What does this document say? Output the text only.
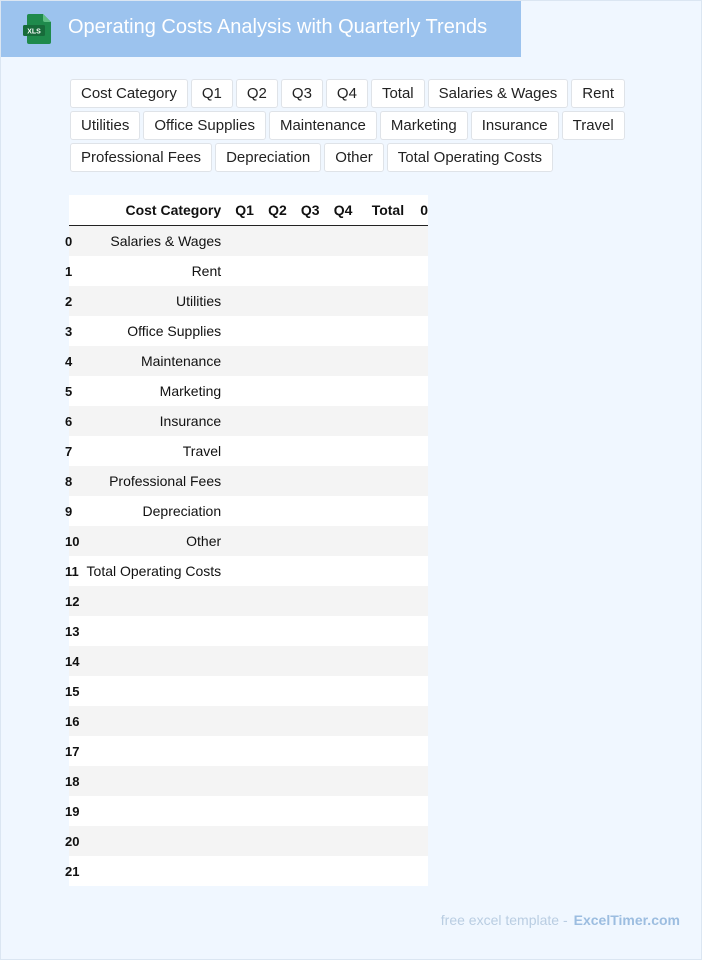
XLS Operating Costs Analysis with Quarterly Trends
Cost Category	Q1	Q2	Q3	Q4	Total	Salaries & Wages	Rent
Utilities	Office Supplies	Maintenance	Marketing	Insurance	Travel
Professional Fees	Depreciation	Other	Total Operating Costs
Cost Category	Q1	Q2	Q3	Q4	Total	0
0	Salaries & Wages
1	Rent
2	Utilities
3	Office Supplies
4	Maintenance
5	Marketing
6	Insurance
7	Travel
8	Professional Fees
9	Depreciation
10	Other
11 Total Operating Costs
12
13
14
15
16
17
18
19
20
21
free excel template - ExcelTimer.com
